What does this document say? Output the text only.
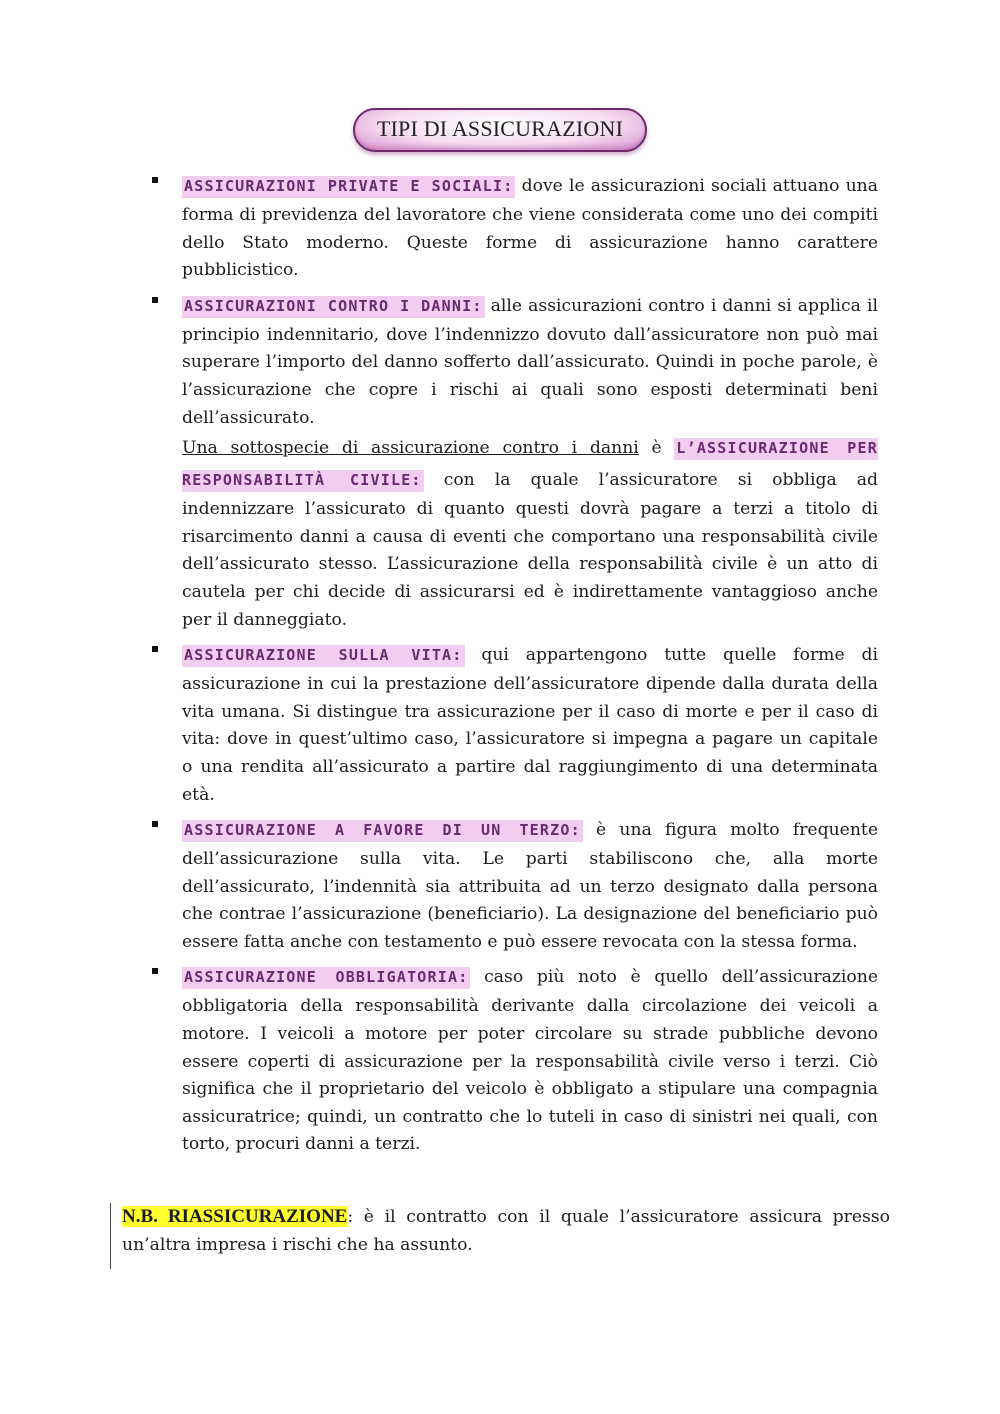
TIPI DI ASSICURAZIONI

ASSICURAZIONI PRIVATE E SOCIALI: dove le assicurazioni sociali attuano una forma di previdenza del lavoratore che viene considerata come uno dei compiti dello Stato moderno. Queste forme di assicurazione hanno carattere pubblicistico.

ASSICURAZIONI CONTRO I DANNI: alle assicurazioni contro i danni si applica il principio indennitario, dove l’indennizzo dovuto dall’assicuratore non può mai superare l’importo del danno sofferto dall’assicurato. Quindi in poche parole, è l’assicurazione che copre i rischi ai quali sono esposti determinati beni dell’assicurato.

Una sottospecie di assicurazione contro i danni è L’ASSICURAZIONE PER RESPONSABILITÀ CIVILE: con la quale l’assicuratore si obbliga ad indennizzare l’assicurato di quanto questi dovrà pagare a terzi a titolo di risarcimento danni a causa di eventi che comportano una responsabilità civile dell’assicurato stesso. L’assicurazione della responsabilità civile è un atto di cautela per chi decide di assicurarsi ed è indirettamente vantaggioso anche per il danneggiato.

ASSICURAZIONE SULLA VITA: qui appartengono tutte quelle forme di assicurazione in cui la prestazione dell’assicuratore dipende dalla durata della vita umana. Si distingue tra assicurazione per il caso di morte e per il caso di vita: dove in quest’ultimo caso, l’assicuratore si impegna a pagare un capitale o una rendita all’assicurato a partire dal raggiungimento di una determinata età.

ASSICURAZIONE A FAVORE DI UN TERZO: è una figura molto frequente dell’assicurazione sulla vita. Le parti stabiliscono che, alla morte dell’assicurato, l’indennità sia attribuita ad un terzo designato dalla persona che contrae l’assicurazione (beneficiario). La designazione del beneficiario può essere fatta anche con testamento e può essere revocata con la stessa forma.

ASSICURAZIONE OBBLIGATORIA: caso più noto è quello dell’assicurazione obbligatoria della responsabilità derivante dalla circolazione dei veicoli a motore. I veicoli a motore per poter circolare su strade pubbliche devono essere coperti di assicurazione per la responsabilità civile verso i terzi. Ciò significa che il proprietario del veicolo è obbligato a stipulare una compagnia assicuratrice; quindi, un contratto che lo tuteli in caso di sinistri nei quali, con torto, procuri danni a terzi.

N.B. RIASSICURAZIONE: è il contratto con il quale l’assicuratore assicura presso un’altra impresa i rischi che ha assunto.
